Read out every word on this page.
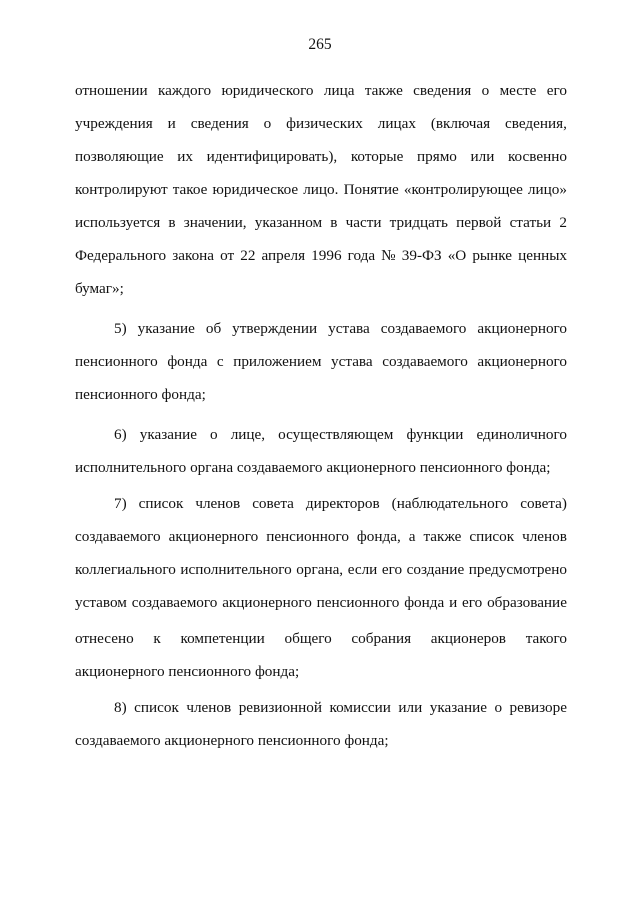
265
отношении каждого юридического лица также сведения о месте его
учреждения и сведения о физических лицах (включая сведения,
позволяющие их идентифицировать), которые прямо или косвенно
контролируют такое юридическое лицо. Понятие «контролирующее лицо»
используется в значении, указанном в части тридцать первой статьи 2
Федерального закона от 22 апреля 1996 года № 39-ФЗ «О рынке ценных
бумаг»;
5) указание об утверждении устава создаваемого акционерного
пенсионного фонда с приложением устава создаваемого акционерного
пенсионного фонда;
6) указание о лице, осуществляющем функции единоличного
исполнительного органа создаваемого акционерного пенсионного фонда;
7) список членов совета директоров (наблюдательного совета)
создаваемого акционерного пенсионного фонда, а также список членов
коллегиального исполнительного органа, если его создание предусмотрено
уставом создаваемого акционерного пенсионного фонда и его образование
отнесено к компетенции общего собрания акционеров такого
акционерного пенсионного фонда;
8) список членов ревизионной комиссии или указание о ревизоре
создаваемого акционерного пенсионного фонда;
